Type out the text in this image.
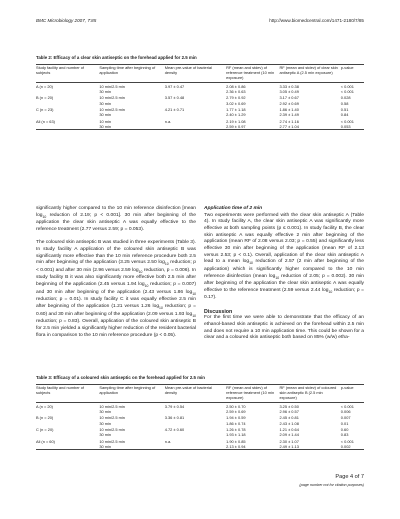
BMC Microbiology 2007, 7:85	http://www.biomedcentral.com/1471-2180/7/85
Table 2: Efficacy of a clear skin antiseptic on the forehead applied for 2.5 min
Study facility and number of subjects	Sampling time after beginning of application	Mean pre-value of bacterial density	RF (mean and stdev) of reference treatment (10 min exposure)	RF (mean and stdev) of clear skin antiseptic A (2.5 min exposure)	p-value
A (n = 20)	10 min/2.5 min	3.97 ± 0.47	2.08 ± 0.86	3.33 ± 0.38	< 0.001
	30 min		2.36 ± 0.63	3.05 ± 0.49	< 0.001
B (n = 20)	10 min/2.5 min	3.57 ± 0.48	2.79 ± 0.92	3.17 ± 0.67	0.028
	30 min		3.02 ± 0.69	2.92 ± 0.69	0.58
C (n = 23)	10 min/2.5 min	4.21 ± 0.71	1.77 ± 1.18	1.86 ± 1.40	0.51
	30 min		2.40 ± 1.29	2.39 ± 1.49	0.84
All (n = 63)	10 min	n.a.	2.19 ± 1.08	2.74 ± 1.16	< 0.001
	30 min		2.59 ± 0.97	2.77 ± 1.04	0.053

significantly higher compared to the 10 min reference disinfection [mean $\log_{10}$ reduction of 2.19; p < 0.001]. 30 min after beginning of the application the clear skin antiseptic A was equally effective to the reference treatment (2.77 versus 2.59; p = 0.053).

The coloured skin antiseptic B was studied in three experiments (Table 3). In study facility A application of the coloured skin antiseptic B was significantly more effective than the 10 min reference procedure both 2.5 min after beginning of the application (3.25 versus 2.50 $\log_{10}$ reduction; p < 0.001) and after 30 min (2.96 versus 2.59 $\log_{10}$ reduction, p = 0.006). In study facility B it was also significantly more effective both 2.5 min after beginning of the application (2.45 versus 1.94 $\log_{10}$ reduction; p = 0.007) and 30 min after beginning of the application (2.43 versus 1.86 $\log_{10}$ reduction; p = 0.01). In study facility C it was equally effective 2.5 min after beginning of the application (1.21 versus 1.26 $\log_{10}$ reduction; p = 0.60) and 30 min after beginning of the application (2.09 versus 1.93 $\log_{10}$ reduction; p = 0.83). Overall, application of the coloured skin antiseptic B for 2.5 min yielded a significantly higher reduction of the resident bacterial flora in comparison to the 10 min reference procedure (p < 0.05).

Application time of 2 min

Two experiments were performed with the clear skin antiseptic A (Table 4). In study facility A, the clear skin antiseptic A was significantly more effective at both sampling points (p ≤ 0.001). In study facility B, the clear skin antiseptic A was equally effective 2 min after beginning of the application (mean RF of 2.08 versus 2.03; p = 0.55) and significantly less effective 30 min after beginning of the application (mean RF of 2.13 versus 2.53; p < 0.1). Overall, application of the clear skin antiseptic A lead to a mean $\log_{10}$ reduction of 2.57 (2 min after beginning of the application) which is significantly higher compared to the 10 min reference disinfection (mean $\log_{10}$ reduction of 2.05; p = 0.002). 30 min after beginning of the application the clear skin antiseptic A was equally effective to the reference treatment (2.59 versus 2.44 $\log_{10}$ reduction; p = 0.17).

Discussion

For the first time we were able to demonstrate that the efficacy of an ethanol-based skin antiseptic is achieved on the forehead within 2.5 min and does not require a 10 min application time. This could be shown for a clear and a coloured skin antiseptic both based on 85% (w/w) etha-

Table 3: Efficacy of a coloured skin antiseptic on the forehead applied for 2.5 min
Study facility and number of subjects	Sampling time after beginning of application	Mean pre-value of bacterial density	RF (mean and stdev) of reference treatment (10 min exposure)	RF (mean and stdev) of coloured skin antiseptic B (2.5 min exposure)	p-value
A (n = 20)	10 min/2.5 min	3.79 ± 0.54	2.50 ± 0.70	3.25 ± 0.50	< 0.001
	30 min		2.59 ± 0.69	2.96 ± 0.57	0.006
B (n = 20)	10 min/2.5 min	3.36 ± 0.81	1.94 ± 0.59	2.45 ± 0.81	0.007
	30 min		1.86 ± 0.74	2.43 ± 1.08	0.01
C (n = 20)	10 min/2.5 min	4.72 ± 0.60	1.26 ± 0.78	1.21 ± 0.64	0.60
	30 min		1.93 ± 1.18	2.09 ± 1.44	0.83
All (n = 60)	10 min/2.5 min	n.a.	1.90 ± 0.85	2.30 ± 1.07	< 0.001
	30 min		2.13 ± 0.94	2.49 ± 1.13	0.002
Page 4 of 7
(page number not for citation purposes)
